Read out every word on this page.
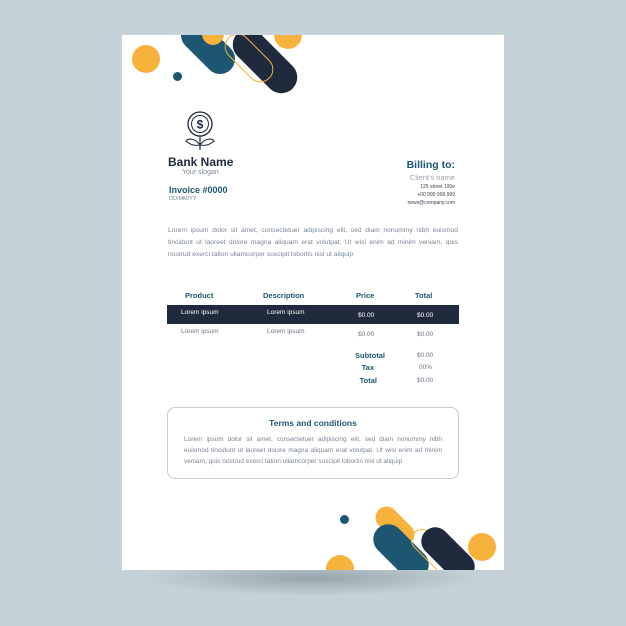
$
Bank Name
Your slogan
Invoice #0000
DD/MM/YY
Billing to:
Client's name
125 street 100e
+00 999 999 999
news@company.com
Lorem ipsum dolor sit amet, consectetuer adipiscing elit, sed diam nonummy nibh euismod tincidunt ut laoreet dolore magna aliquam erat volutpat. Ut wisi enim ad minim veniam, quis nostrud exerci tation ullamcorper suscipit lobortis nisl ut aliquip
Product	Description	Price	Total
Lorem ipsum	Lorem ipsum	$0.00	$0.00
Lorem ipsum	Lorem ipsum	$0.00	$0.00
Subtotal	$0.00
Tax	00%
Total	$0.00
Terms and conditions
Lorem ipsum dolor sit amet, consectetuer adipiscing elit, sed diam nonummy nibh euismod tincidunt ut laoreet dolore magna aliquam erat volutpat. Ut wisi enim ad minim veniam, quis nostrud exerci tation ullamcorper suscipit lobortis nisl ut aliquip
